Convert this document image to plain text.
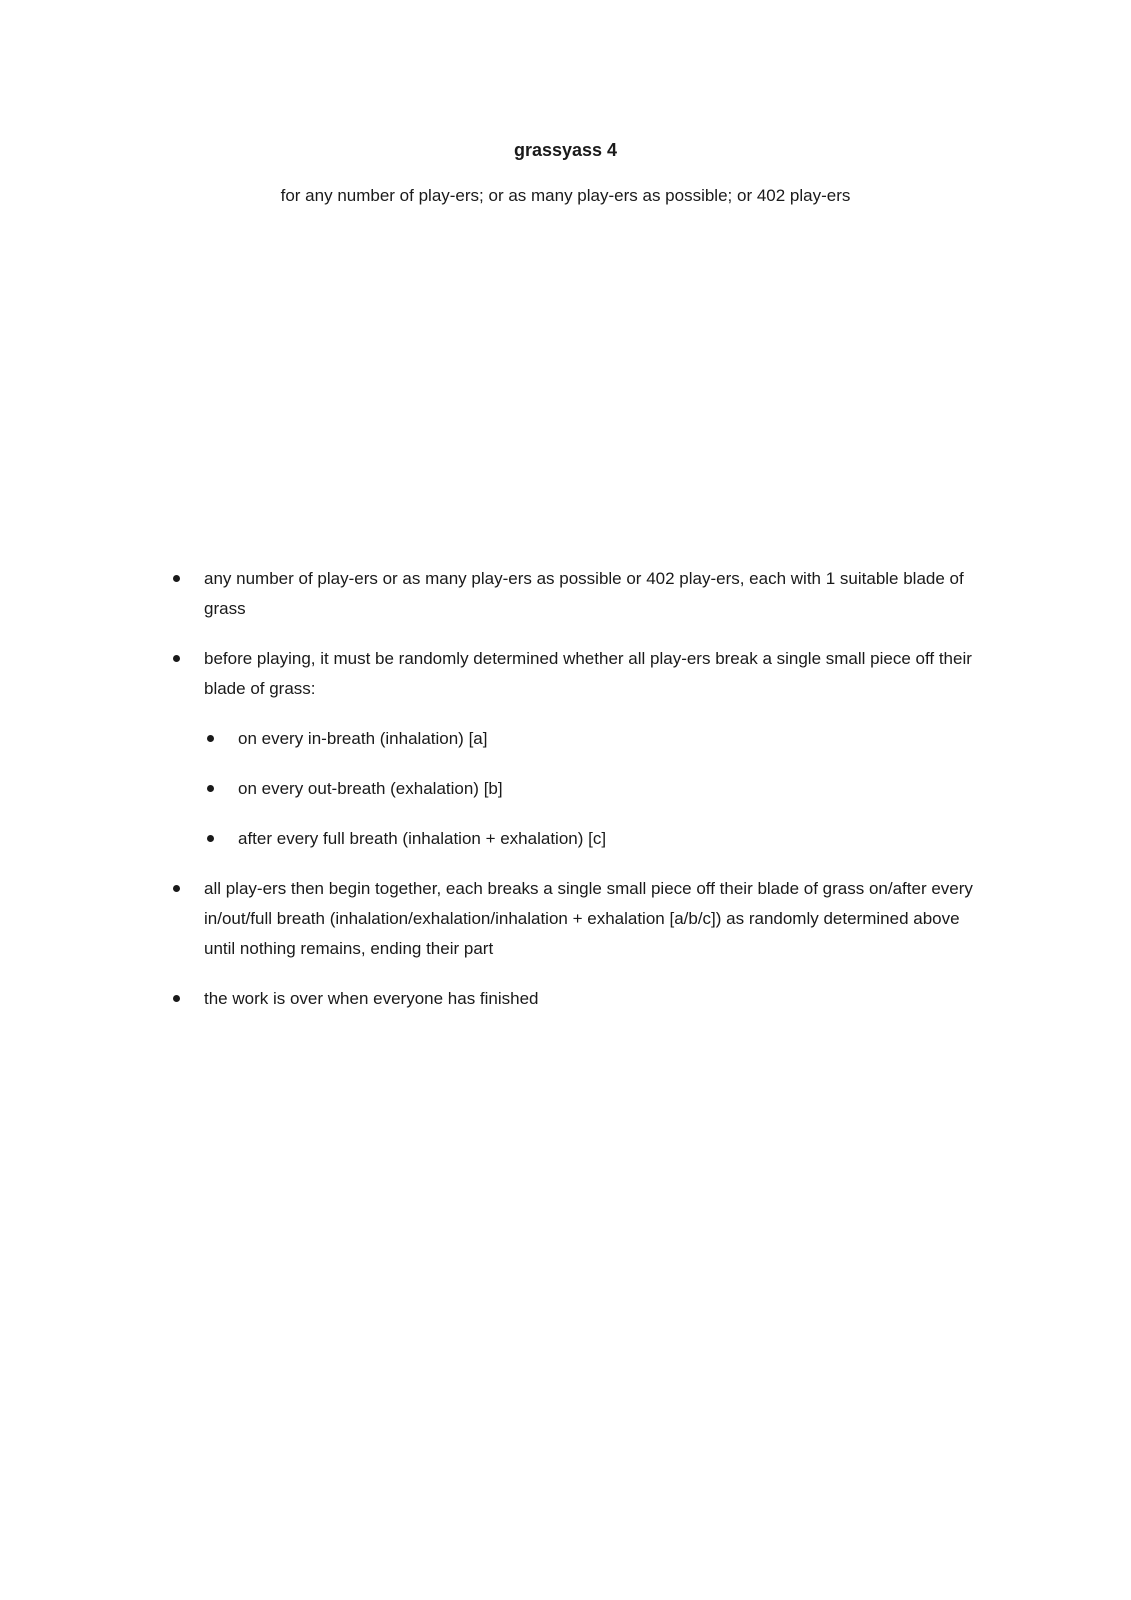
grassyass 4
for any number of play-ers; or as many play-ers as possible; or 402 play-ers
any number of play-ers or as many play-ers as possible or 402 play-ers, each with 1 suitable blade of grass
before playing, it must be randomly determined whether all play-ers break a single small piece off their blade of grass:
on every in-breath (inhalation) [a]
on every out-breath (exhalation) [b]
after every full breath (inhalation + exhalation) [c]
all play-ers then begin together, each breaks a single small piece off their blade of grass on/after every in/out/full breath (inhalation/exhalation/inhalation + exhalation [a/b/c]) as randomly determined above until nothing remains, ending their part
the work is over when everyone has finished
